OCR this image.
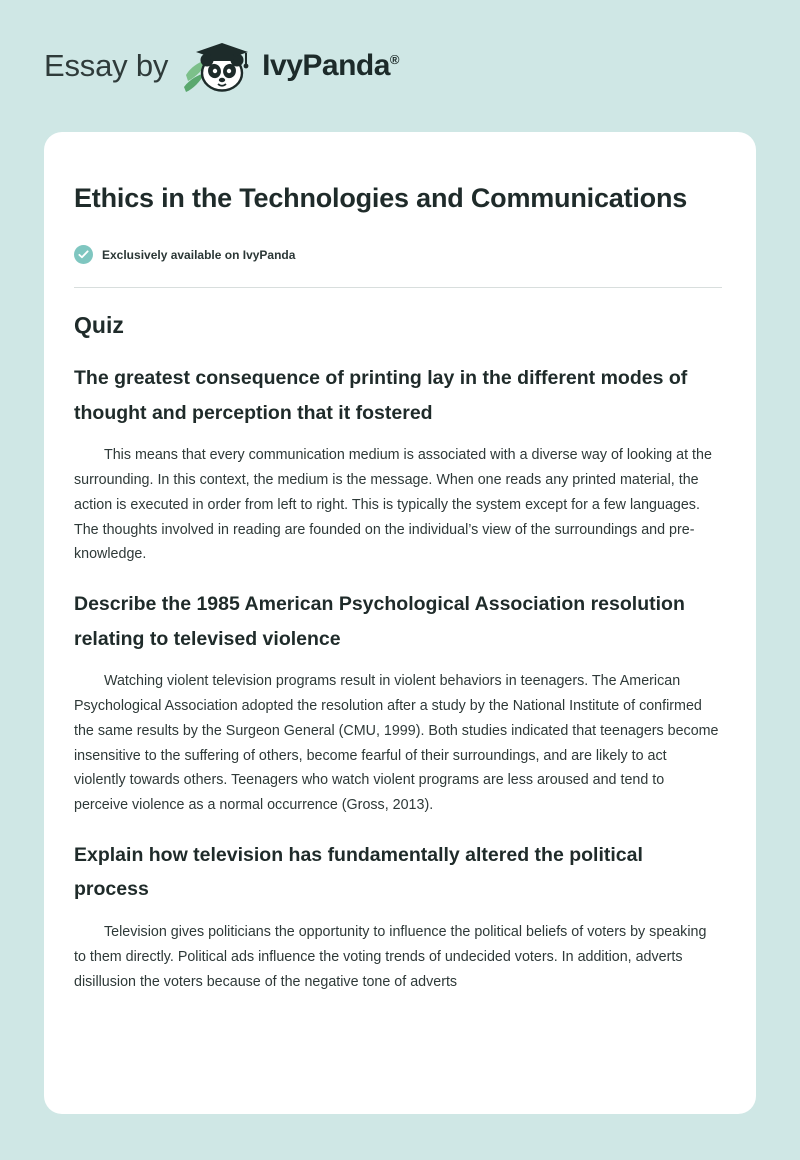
Essay by	IvyPanda®
Ethics in the Technologies and Communications
Exclusively available on IvyPanda
Quiz
The greatest consequence of printing lay in the different modes of thought and perception that it fostered

This means that every communication medium is associated with a diverse way of looking at the surrounding. In this context, the medium is the message. When one reads any printed material, the action is executed in order from left to right. This is typically the system except for a few languages. The thoughts involved in reading are founded on the individual’s view of the surroundings and pre-knowledge.

Describe the 1985 American Psychological Association resolution relating to televised violence

Watching violent television programs result in violent behaviors in teenagers. The American Psychological Association adopted the resolution after a study by the National Institute of confirmed the same results by the Surgeon General (CMU, 1999). Both studies indicated that teenagers become insensitive to the suffering of others, become fearful of their surroundings, and are likely to act violently towards others. Teenagers who watch violent programs are less aroused and tend to perceive violence as a normal occurrence (Gross, 2013).

Explain how television has fundamentally altered the political process

Television gives politicians the opportunity to influence the political beliefs of voters by speaking to them directly. Political ads influence the voting trends of undecided voters. In addition, adverts disillusion the voters because of the negative tone of adverts
